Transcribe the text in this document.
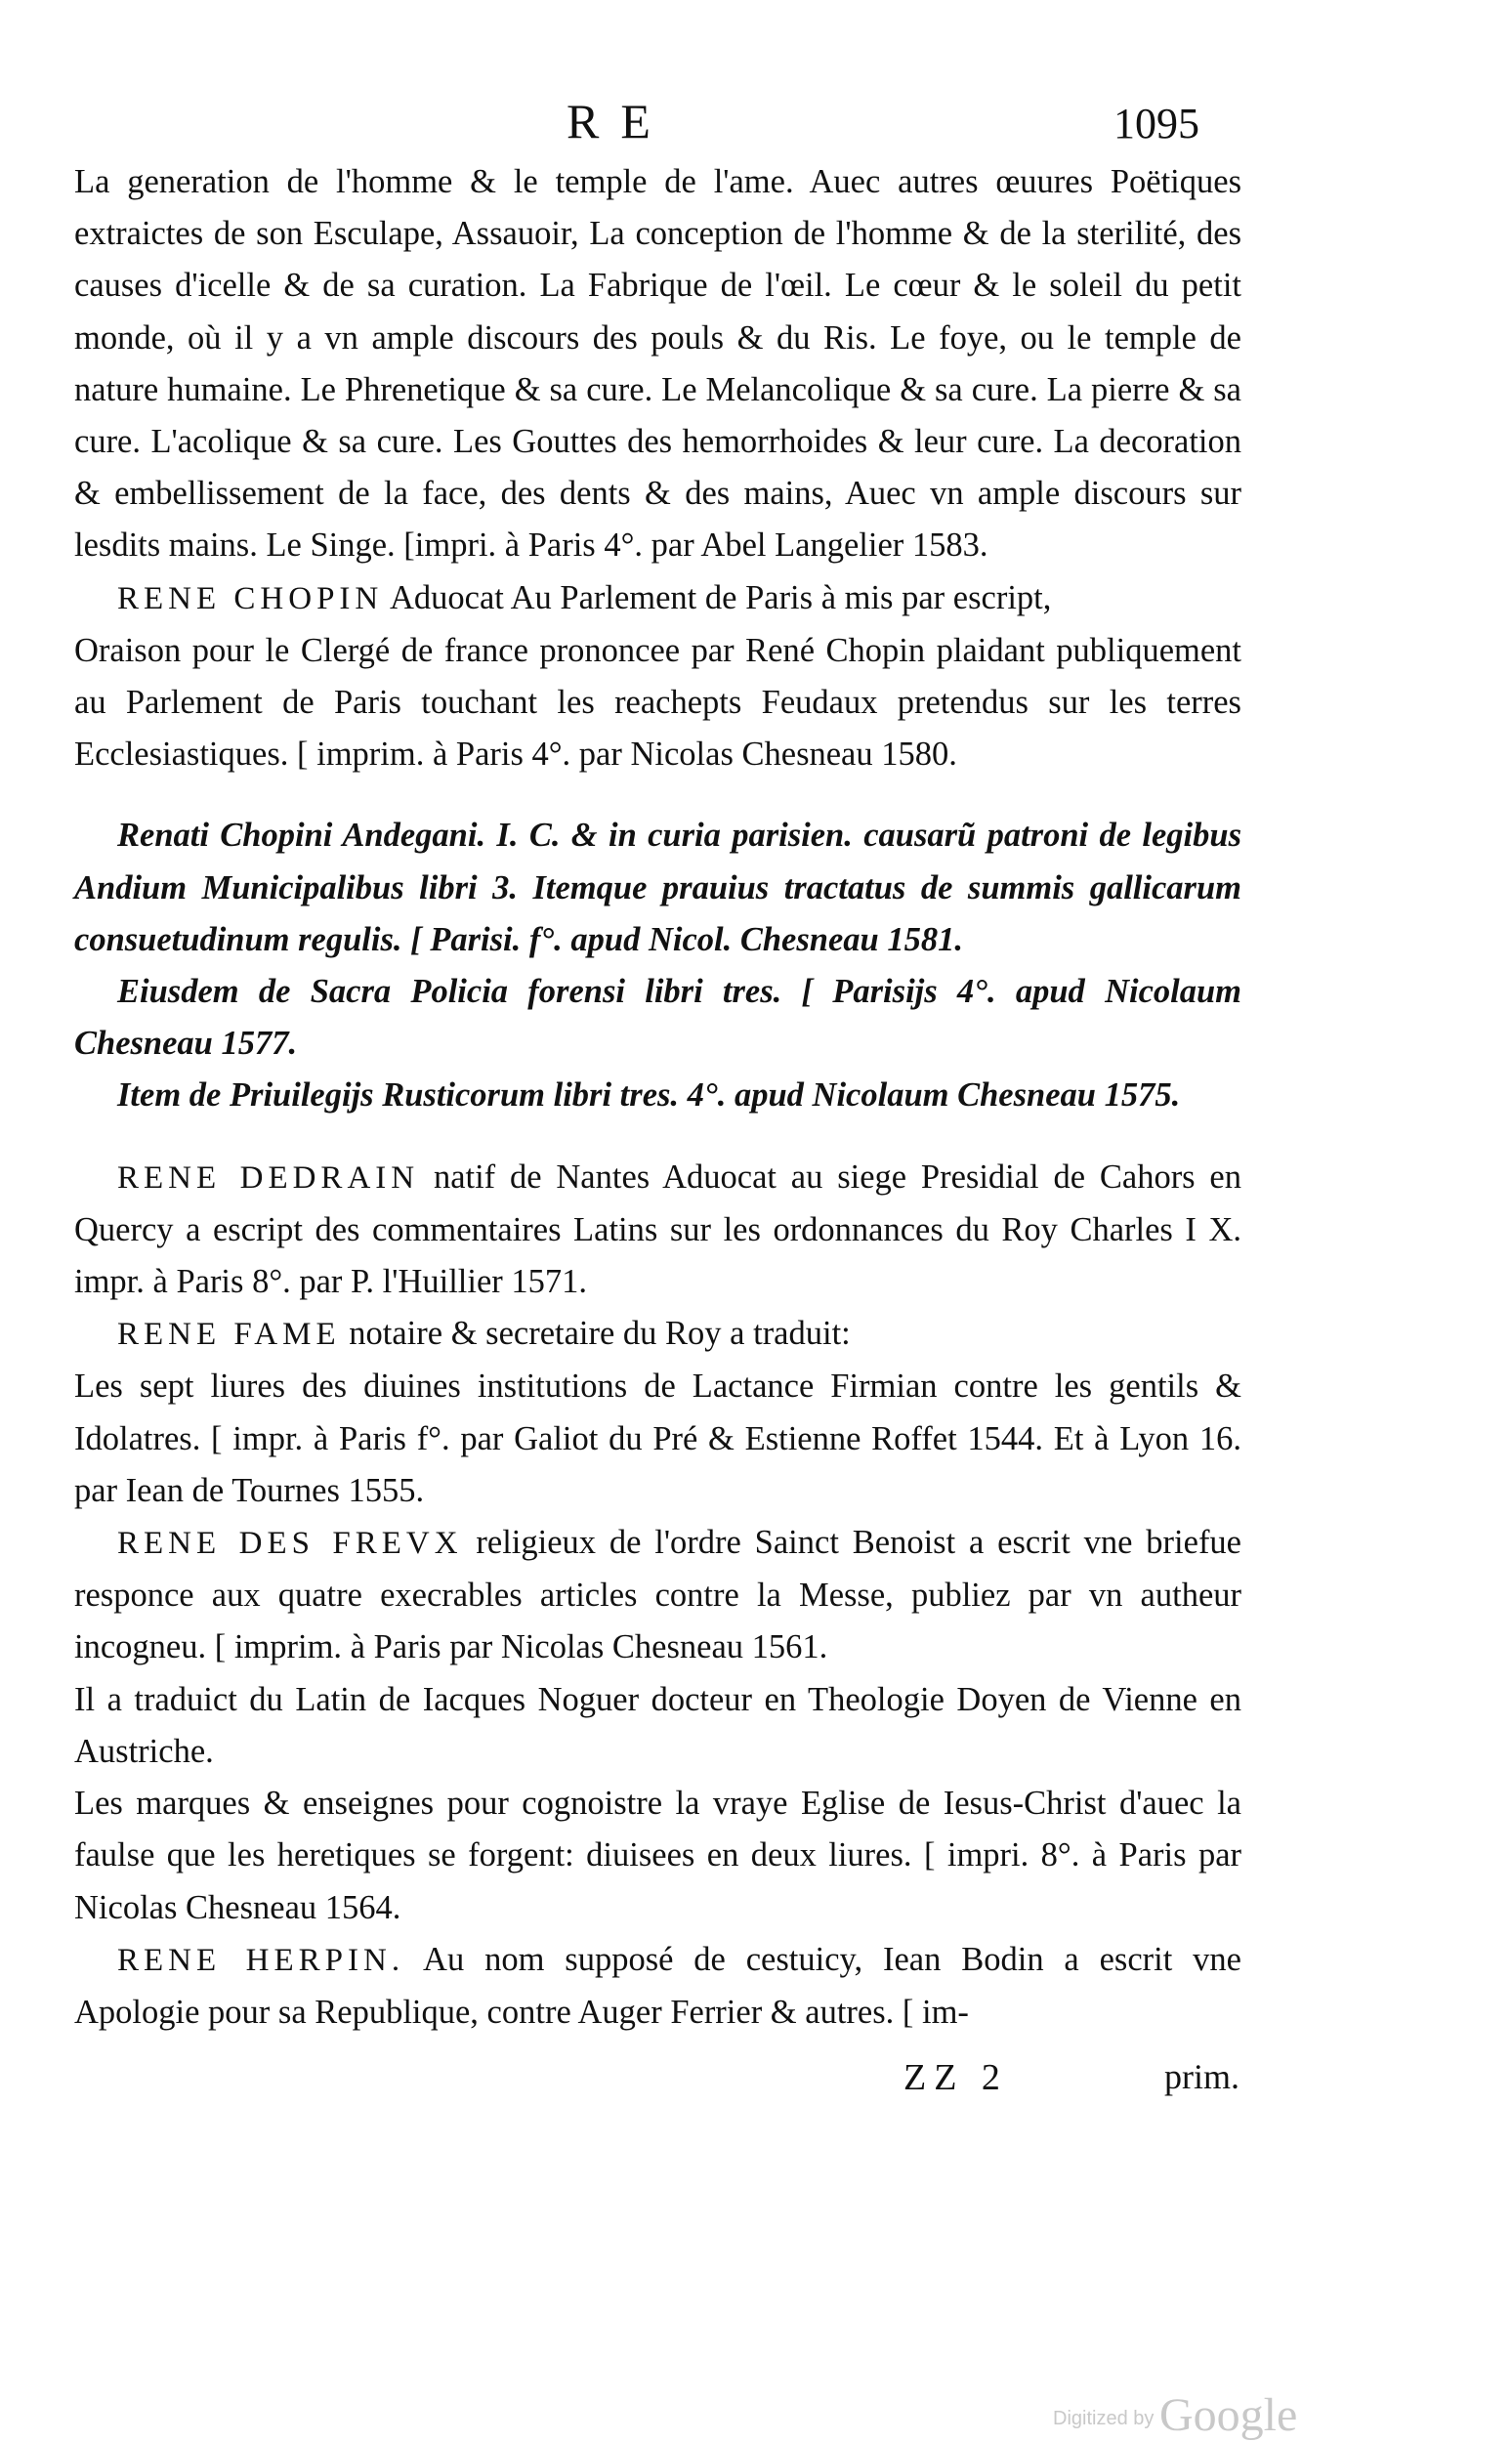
RE	1095

La generation de l'homme & le temple de l'ame. Auec autres œuures Poëtiques extraictes de son Esculape, Assauoir, La conception de l'homme & de la sterilité, des causes d'icelle & de sa curation. La Fabrique de l'œil. Le cœur & le soleil du petit monde, où il y a vn ample discours des pouls & du Ris. Le foye, ou le temple de nature humaine. Le Phrenetique & sa cure. Le Melancolique & sa cure. La pierre & sa cure. L'acolique & sa cure. Les Gouttes des hemorrhoides & leur cure. La decoration & embellissement de la face, des dents & des mains, Auec vn ample discours sur lesdits mains. Le Singe. [impri. à Paris 4°. par Abel Langelier 1583.

RENE CHOPIN Aduocat Au Parlement de Paris à mis par escript,

Oraison pour le Clergé de france prononcee par René Chopin plaidant publiquement au Parlement de Paris touchant les reachepts Feudaux pretendus sur les terres Ecclesiastiques. [ imprim. à Paris 4°. par Nicolas Chesneau 1580.

Renati Chopini Andegani. I. C. & in curia parisien. causarũ patroni de legibus Andium Municipalibus libri 3. Itemque prauius tractatus de summis gallicarum consuetudinum regulis. [ Parisi. f°. apud Nicol. Chesneau 1581.

Eiusdem de Sacra Policia forensi libri tres. [ Parisijs 4°. apud Nicolaum Chesneau 1577.

Item de Priuilegijs Rusticorum libri tres. 4°. apud Nicolaum Chesneau 1575.

RENE DEDRAIN natif de Nantes Aduocat au siege Presidial de Cahors en Quercy a escript des commentaires Latins sur les ordonnances du Roy Charles I X. impr. à Paris 8°. par P. l'Huillier 1571.

RENE FAME notaire & secretaire du Roy a traduit:

Les sept liures des diuines institutions de Lactance Firmian contre les gentils & Idolatres. [ impr. à Paris f°. par Galiot du Pré & Estienne Roffet 1544. Et à Lyon 16. par Iean de Tournes 1555.

RENE DES FREVX religieux de l'ordre Sainct Benoist a escrit vne briefue responce aux quatre execrables articles contre la Messe, publiez par vn autheur incogneu. [ imprim. à Paris par Nicolas Chesneau 1561.

Il a traduict du Latin de Iacques Noguer docteur en Theologie Doyen de Vienne en Austriche.

Les marques & enseignes pour cognoistre la vraye Eglise de Iesus-Christ d'auec la faulse que les heretiques se forgent: diuisees en deux liures. [ impri. 8°. à Paris par Nicolas Chesneau 1564.

RENE HERPIN. Au nom supposé de cestuicy, Iean Bodin a escrit vne Apologie pour sa Republique, contre Auger Ferrier & autres. [ im-

ZZ 2	prim.
Digitized by Google
